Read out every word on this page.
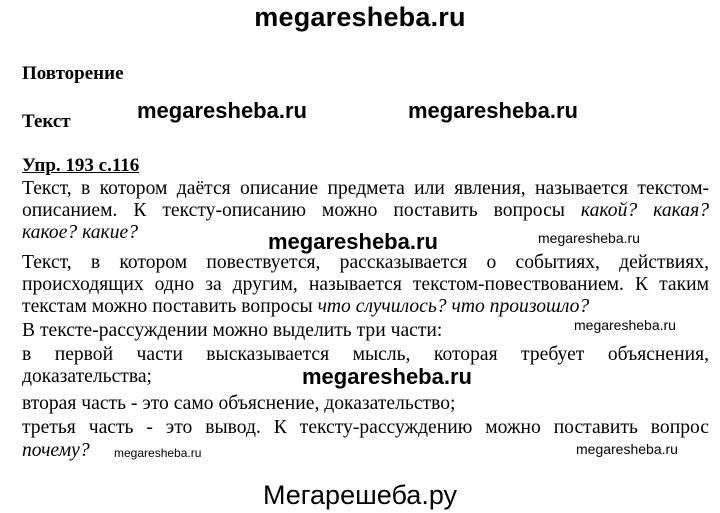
megaresheba.ru
Повторение
Текст	megaresheba.ru	megaresheba.ru
Упр. 193 с.116
Текст, в котором даётся описание предмета или явления, называется текстом-
описанием. К тексту-описанию можно поставить вопросы какой? какая?
какое? какие?	megaresheba.ru	megaresheba.ru
Текст, в котором повествуется, рассказывается о событиях, действиях,
происходящих одно за другим, называется текстом-повествованием. К таким
текстам можно поставить вопросы что случилось? что произошло?
В тексте-рассуждении можно выделить три части:	megaresheba.ru
в первой части высказывается мысль, которая требует объяснения,
доказательства;	megaresheba.ru
вторая часть - это само объяснение, доказательство;
третья часть - это вывод. К тексту-рассуждению можно поставить вопрос
почему? megaresheba.ru	megaresheba.ru
Мегарешеба.ру
